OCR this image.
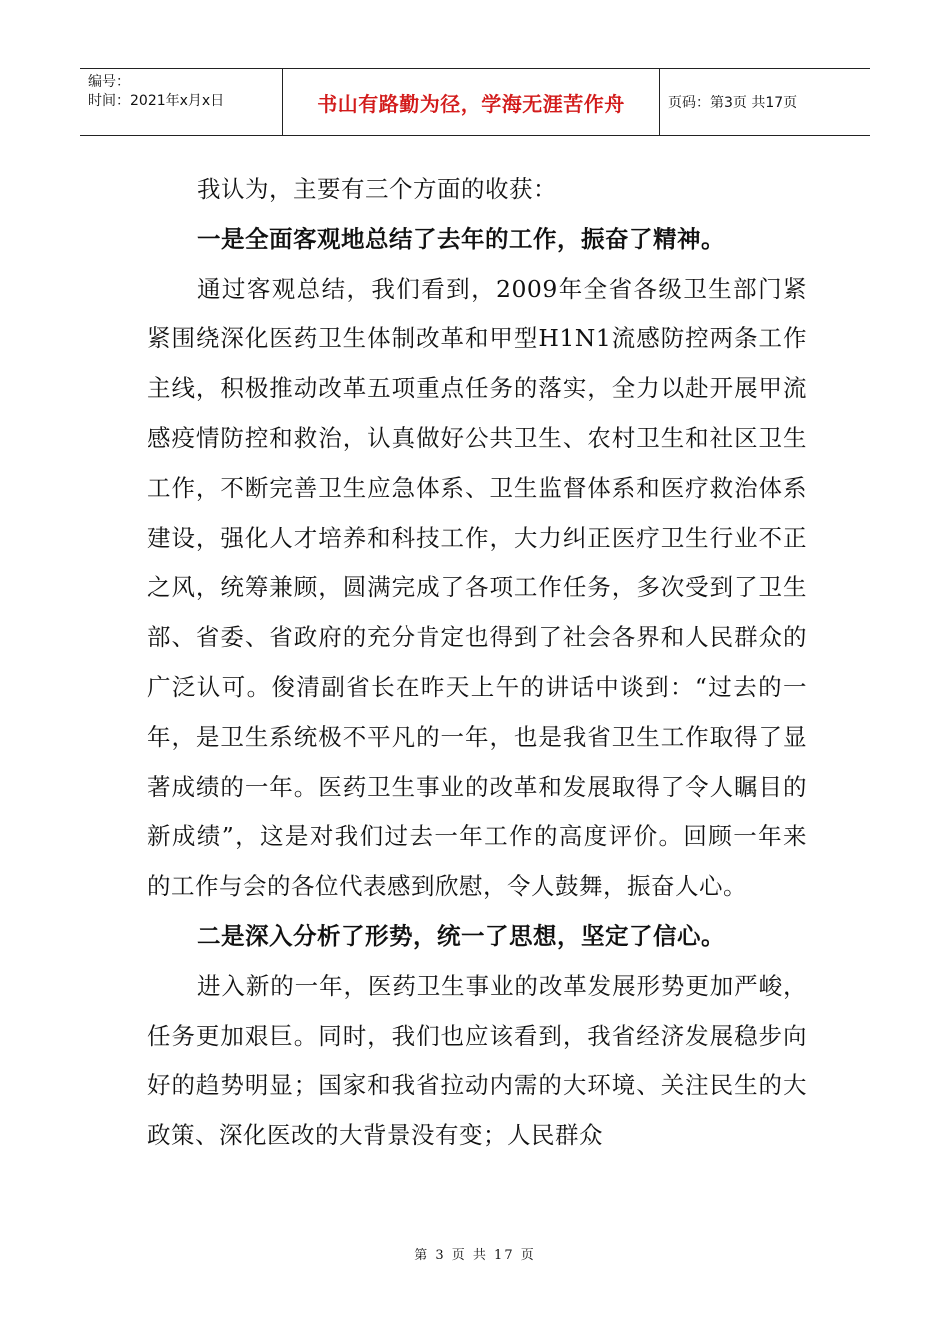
编号：
时间：2021年x月x日	书山有路勤为径，学海无涯苦作舟	页码：第3页 共17页

我认为，主要有三个方面的收获：

一是全面客观地总结了去年的工作，振奋了精神。

通过客观总结，我们看到，2009年全省各级卫生部门紧紧围绕深化医药卫生体制改革和甲型H1N1流感防控两条工作主线，积极推动改革五项重点任务的落实，全力以赴开展甲流感疫情防控和救治，认真做好公共卫生、农村卫生和社区卫生工作，不断完善卫生应急体系、卫生监督体系和医疗救治体系建设，强化人才培养和科技工作，大力纠正医疗卫生行业不正之风，统筹兼顾，圆满完成了各项工作任务，多次受到了卫生部、省委、省政府的充分肯定也得到了社会各界和人民群众的广泛认可。俊清副省长在昨天上午的讲话中谈到：“过去的一年，是卫生系统极不平凡的一年，也是我省卫生工作取得了显著成绩的一年。医药卫生事业的改革和发展取得了令人瞩目的新成绩”，这是对我们过去一年工作的高度评价。回顾一年来的工作与会的各位代表感到欣慰，令人鼓舞，振奋人心。

二是深入分析了形势，统一了思想，坚定了信心。

进入新的一年，医药卫生事业的改革发展形势更加严峻，任务更加艰巨。同时，我们也应该看到，我省经济发展稳步向好的趋势明显；国家和我省拉动内需的大环境、关注民生的大政策、深化医改的大背景没有变；人民群众

第 3 页 共 17 页
